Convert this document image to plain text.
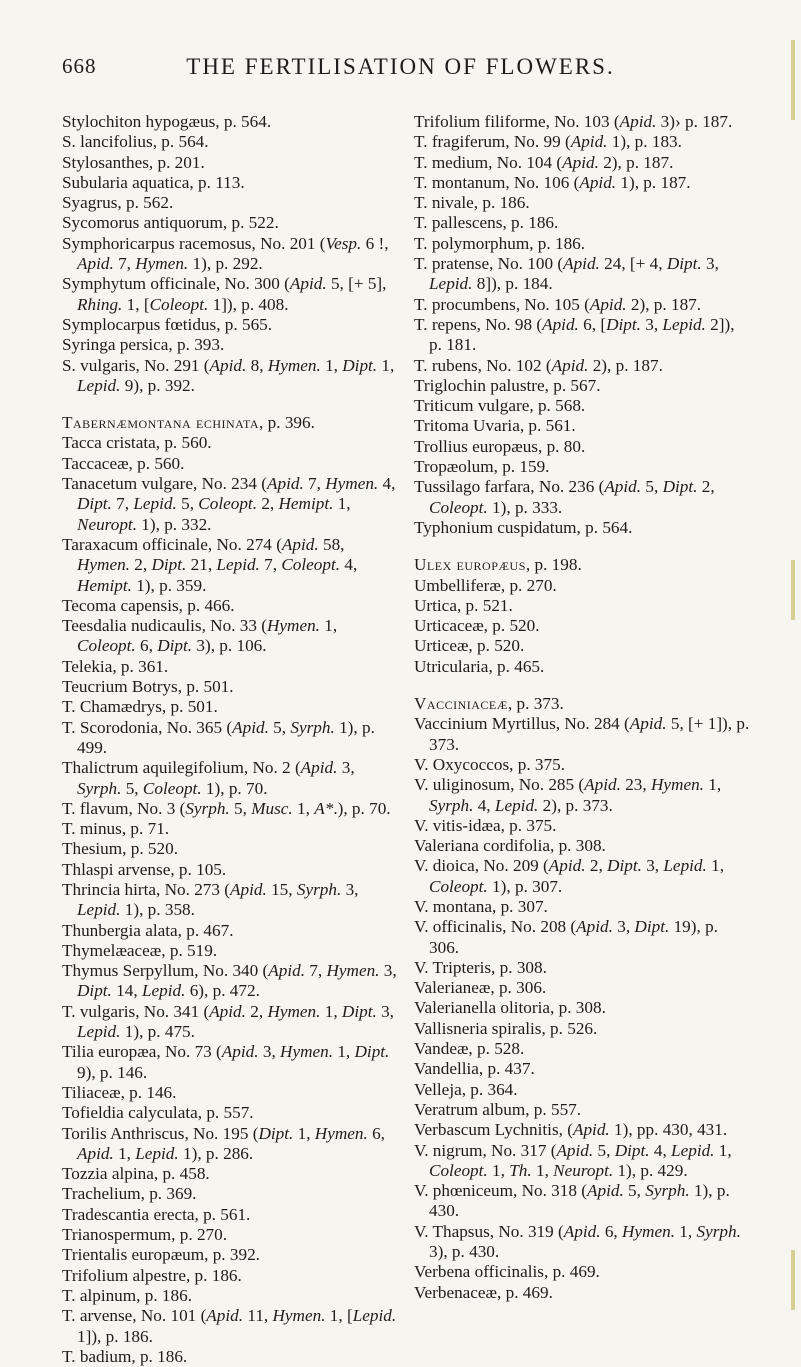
668	THE FERTILISATION OF FLOWERS.

Stylochiton hypogæus, p. 564.

S. lancifolius, p. 564.

Stylosanthes, p. 201.

Subularia aquatica, p. 113.

Syagrus, p. 562.

Sycomorus antiquorum, p. 522.

Symphoricarpus racemosus, No. 201 (Vesp. 6 !, Apid. 7, Hymen. 1), p. 292.

Symphytum officinale, No. 300 (Apid. 5, [+ 5], Rhing. 1, [Coleopt. 1]), p. 408.

Symplocarpus fœtidus, p. 565.

Syringa persica, p. 393.

S. vulgaris, No. 291 (Apid. 8, Hymen. 1, Dipt. 1, Lepid. 9), p. 392.

Tabernæmontana echinata, p. 396.

Tacca cristata, p. 560.

Taccaceæ, p. 560.

Tanacetum vulgare, No. 234 (Apid. 7, Hymen. 4, Dipt. 7, Lepid. 5, Coleopt. 2, Hemipt. 1, Neuropt. 1), p. 332.

Taraxacum officinale, No. 274 (Apid. 58, Hymen. 2, Dipt. 21, Lepid. 7, Coleopt. 4, Hemipt. 1), p. 359.

Tecoma capensis, p. 466.

Teesdalia nudicaulis, No. 33 (Hymen. 1, Coleopt. 6, Dipt. 3), p. 106.

Telekia, p. 361.

Teucrium Botrys, p. 501.

T. Chamædrys, p. 501.

T. Scorodonia, No. 365 (Apid. 5, Syrph. 1), p. 499.

Thalictrum aquilegifolium, No. 2 (Apid. 3, Syrph. 5, Coleopt. 1), p. 70.

T. flavum, No. 3 (Syrph. 5, Musc. 1, A*.), p. 70.

T. minus, p. 71.

Thesium, p. 520.

Thlaspi arvense, p. 105.

Thrincia hirta, No. 273 (Apid. 15, Syrph. 3, Lepid. 1), p. 358.

Thunbergia alata, p. 467.

Thymelæaceæ, p. 519.

Thymus Serpyllum, No. 340 (Apid. 7, Hymen. 3, Dipt. 14, Lepid. 6), p. 472.

T. vulgaris, No. 341 (Apid. 2, Hymen. 1, Dipt. 3, Lepid. 1), p. 475.

Tilia europæa, No. 73 (Apid. 3, Hymen. 1, Dipt. 9), p. 146.

Tiliaceæ, p. 146.

Tofieldia calyculata, p. 557.

Torilis Anthriscus, No. 195 (Dipt. 1, Hymen. 6, Apid. 1, Lepid. 1), p. 286.

Tozzia alpina, p. 458.

Trachelium, p. 369.

Tradescantia erecta, p. 561.

Trianospermum, p. 270.

Trientalis europæum, p. 392.

Trifolium alpestre, p. 186.

T. alpinum, p. 186.

T. arvense, No. 101 (Apid. 11, Hymen. 1, [Lepid. 1]), p. 186.

T. badium, p. 186.

Trifolium filiforme, No. 103 (Apid. 3)› p. 187.

T. fragiferum, No. 99 (Apid. 1), p. 183.

T. medium, No. 104 (Apid. 2), p. 187.

T. montanum, No. 106 (Apid. 1), p. 187.

T. nivale, p. 186.

T. pallescens, p. 186.

T. polymorphum, p. 186.

T. pratense, No. 100 (Apid. 24, [+ 4, Dipt. 3, Lepid. 8]), p. 184.

T. procumbens, No. 105 (Apid. 2), p. 187.

T. repens, No. 98 (Apid. 6, [Dipt. 3, Lepid. 2]), p. 181.

T. rubens, No. 102 (Apid. 2), p. 187.

Triglochin palustre, p. 567.

Triticum vulgare, p. 568.

Tritoma Uvaria, p. 561.

Trollius europæus, p. 80.

Tropæolum, p. 159.

Tussilago farfara, No. 236 (Apid. 5, Dipt. 2, Coleopt. 1), p. 333.

Typhonium cuspidatum, p. 564.

Ulex europæus, p. 198.

Umbelliferæ, p. 270.

Urtica, p. 521.

Urticaceæ, p. 520.

Urticeæ, p. 520.

Utricularia, p. 465.

Vacciniaceæ, p. 373.

Vaccinium Myrtillus, No. 284 (Apid. 5, [+ 1]), p. 373.

V. Oxycoccos, p. 375.

V. uliginosum, No. 285 (Apid. 23, Hymen. 1, Syrph. 4, Lepid. 2), p. 373.

V. vitis-idæa, p. 375.

Valeriana cordifolia, p. 308.

V. dioica, No. 209 (Apid. 2, Dipt. 3, Lepid. 1, Coleopt. 1), p. 307.

V. montana, p. 307.

V. officinalis, No. 208 (Apid. 3, Dipt. 19), p. 306.

V. Tripteris, p. 308.

Valerianeæ, p. 306.

Valerianella olitoria, p. 308.

Vallisneria spiralis, p. 526.

Vandeæ, p. 528.

Vandellia, p. 437.

Velleja, p. 364.

Veratrum album, p. 557.

Verbascum Lychnitis, (Apid. 1), pp. 430, 431.

V. nigrum, No. 317 (Apid. 5, Dipt. 4, Lepid. 1, Coleopt. 1, Th. 1, Neuropt. 1), p. 429.

V. phœniceum, No. 318 (Apid. 5, Syrph. 1), p. 430.

V. Thapsus, No. 319 (Apid. 6, Hymen. 1, Syrph. 3), p. 430.

Verbena officinalis, p. 469.

Verbenaceæ, p. 469.
